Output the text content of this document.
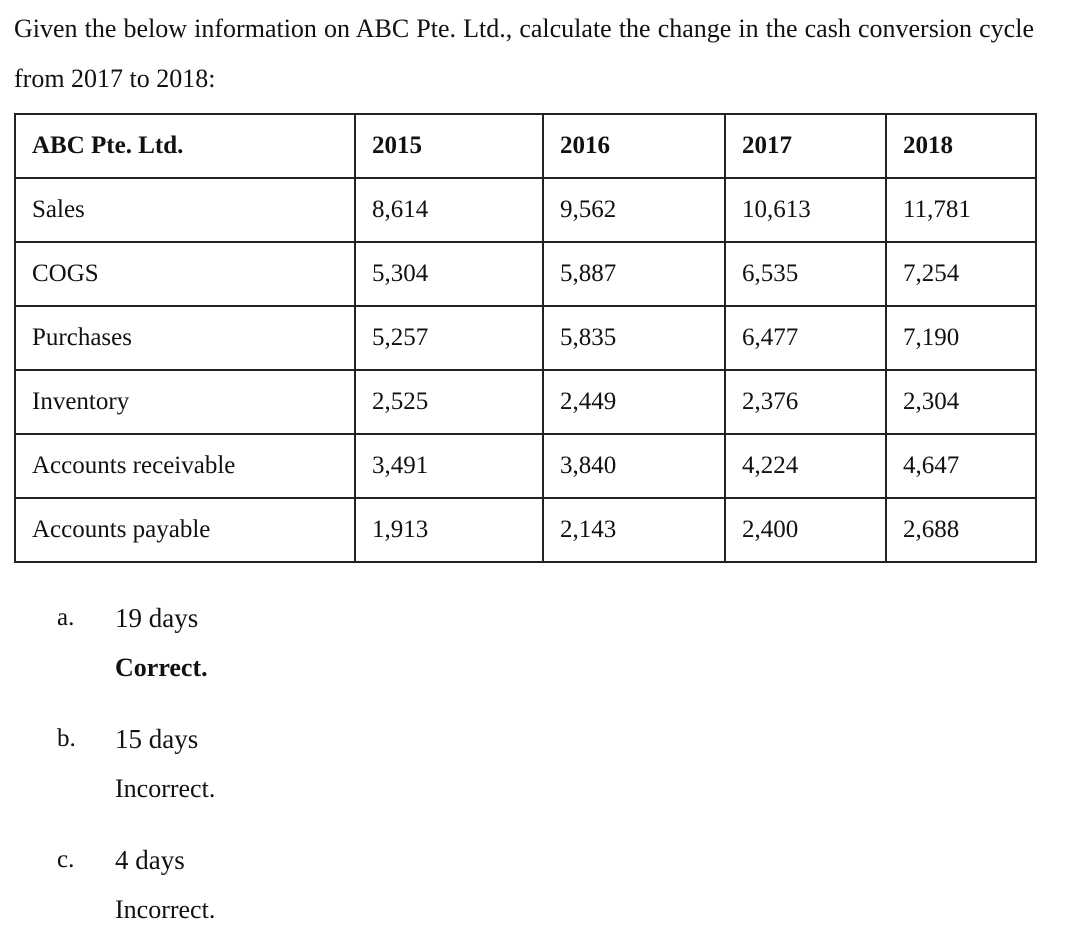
Given the below information on ABC Pte. Ltd., calculate the change in the cash conversion cycle from 2017 to 2018:

ABC Pte. Ltd.	2015	2016	2017	2018
Sales	8,614	9,562	10,613	11,781
COGS	5,304	5,887	6,535	7,254
Purchases	5,257	5,835	6,477	7,190
Inventory	2,525	2,449	2,376	2,304
Accounts receivable	3,491	3,840	4,224	4,647
Accounts payable	1,913	2,143	2,400	2,688
a. 19 days
Correct.
b. 15 days
Incorrect.
c. 4 days
Incorrect.
